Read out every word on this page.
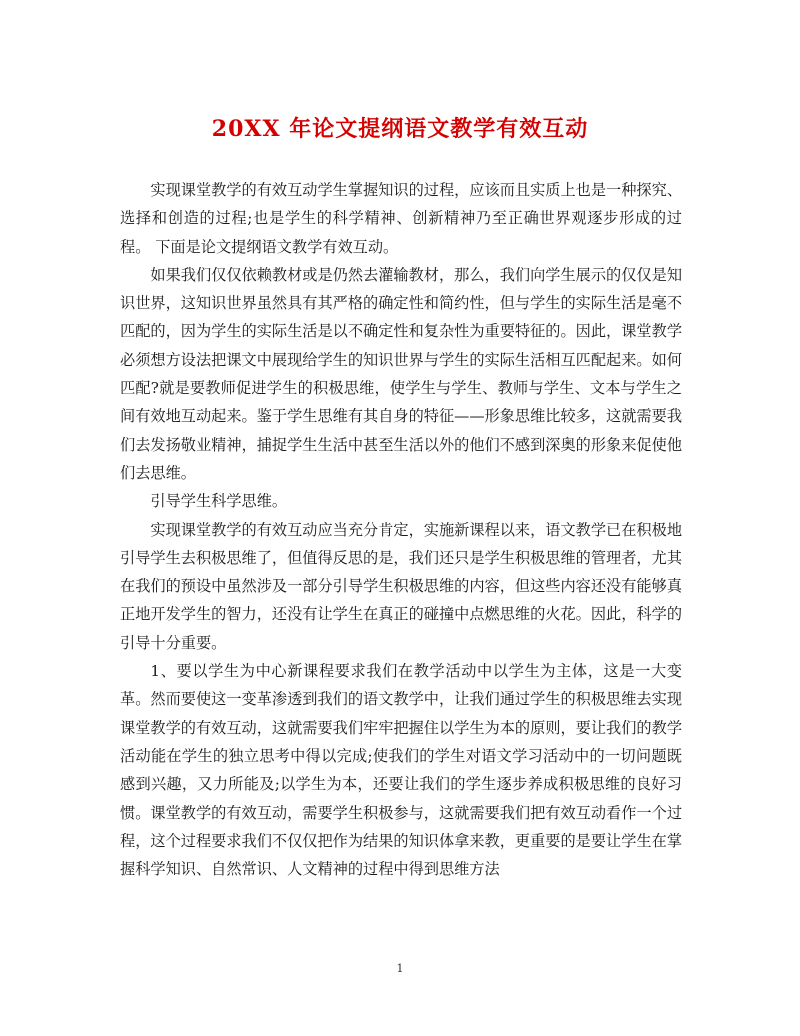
20XX 年论文提纲语文教学有效互动

实现课堂教学的有效互动学生掌握知识的过程，应该而且实质上也是一种探究、选择和创造的过程;也是学生的科学精神、创新精神乃至正确世界观逐步形成的过程。 下面是论文提纲语文教学有效互动。

如果我们仅仅依赖教材或是仍然去灌输教材，那么，我们向学生展示的仅仅是知识世界，这知识世界虽然具有其严格的确定性和简约性，但与学生的实际生活是毫不匹配的，因为学生的实际生活是以不确定性和复杂性为重要特征的。因此，课堂教学必须想方设法把课文中展现给学生的知识世界与学生的实际生活相互匹配起来。如何匹配?就是要教师促进学生的积极思维，使学生与学生、教师与学生、文本与学生之间有效地互动起来。鉴于学生思维有其自身的特征——形象思维比较多，这就需要我们去发扬敬业精神，捕捉学生生活中甚至生活以外的他们不感到深奥的形象来促使他们去思维。

引导学生科学思维。

实现课堂教学的有效互动应当充分肯定，实施新课程以来，语文教学已在积极地引导学生去积极思维了，但值得反思的是，我们还只是学生积极思维的管理者，尤其在我们的预设中虽然涉及一部分引导学生积极思维的内容，但这些内容还没有能够真正地开发学生的智力，还没有让学生在真正的碰撞中点燃思维的火花。因此，科学的引导十分重要。

1、要以学生为中心新课程要求我们在教学活动中以学生为主体，这是一大变革。然而要使这一变革渗透到我们的语文教学中，让我们通过学生的积极思维去实现课堂教学的有效互动，这就需要我们牢牢把握住以学生为本的原则，要让我们的教学活动能在学生的独立思考中得以完成;使我们的学生对语文学习活动中的一切问题既感到兴趣，又力所能及;以学生为本，还要让我们的学生逐步养成积极思维的良好习惯。课堂教学的有效互动，需要学生积极参与，这就需要我们把有效互动看作一个过程，这个过程要求我们不仅仅把作为结果的知识体拿来教，更重要的是要让学生在掌握科学知识、自然常识、人文精神的过程中得到思维方法

1
